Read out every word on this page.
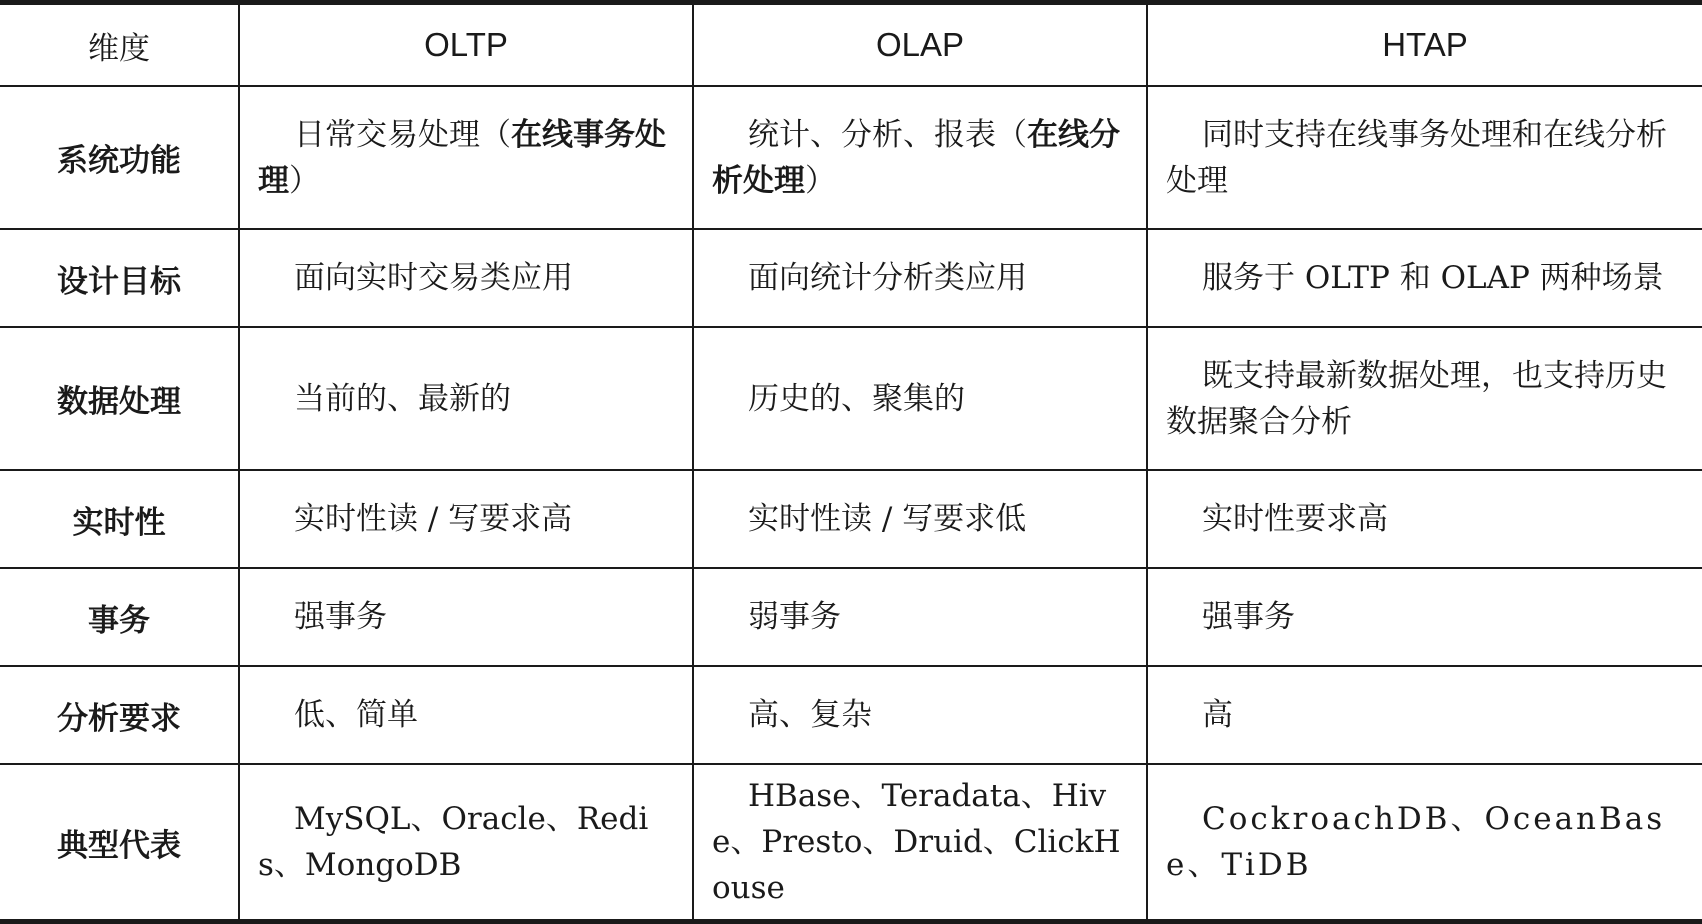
维度	OLTP	OLAP	HTAP
系统功能	日常交易处理（在线事务处理）	统计、分析、报表（在线分析处理）	同时支持在线事务处理和在线分析处理
设计目标	面向实时交易类应用	面向统计分析类应用	服务于 OLTP 和 OLAP 两种场景
数据处理	当前的、最新的	历史的、聚集的	既支持最新数据处理，也支持历史数据聚合分析
实时性	实时性读 / 写要求高	实时性读 / 写要求低	实时性要求高
事务	强事务	弱事务	强事务
分析要求	低、简单	高、复杂	高
典型代表	MySQL、Oracle、Redis、MongoDB	HBase、Teradata、Hive、Presto、Druid、ClickHouse	CockroachDB、OceanBase、TiDB
